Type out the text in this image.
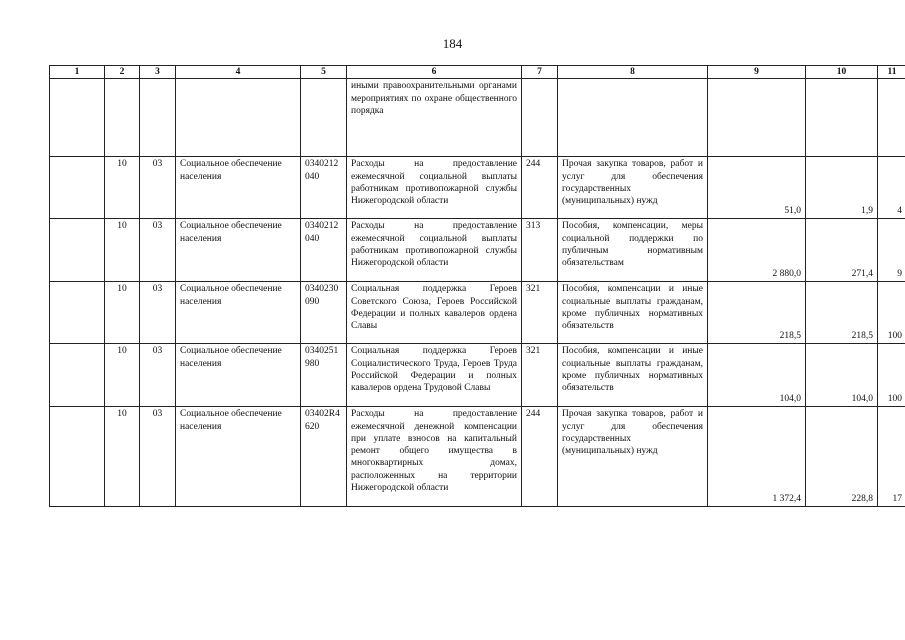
184
1	2	3	4	5	6	7	8	9	10	11
					иными правоохранительными органами мероприятиях по охране общественного порядка					
	10	03	Социальное обеспечение населения	0340212040	Расходы на предоставление ежемесячной социальной выплаты работникам противопожарной службы Нижегородской области	244	Прочая закупка товаров, работ и услуг для обеспечения государственных (муниципальных) нужд	51,0	1,9	4
	10	03	Социальное обеспечение населения	0340212040	Расходы на предоставление ежемесячной социальной выплаты работникам противопожарной службы Нижегородской области	313	Пособия, компенсации, меры социальной поддержки по публичным нормативным обязательствам	2 880,0	271,4	9
	10	03	Социальное обеспечение населения	0340230090	Социальная поддержка Героев Советского Союза, Героев Российской Федерации и полных кавалеров ордена Славы	321	Пособия, компенсации и иные социальные выплаты гражданам, кроме публичных нормативных обязательств	218,5	218,5	100
	10	03	Социальное обеспечение населения	0340251980	Социальная поддержка Героев Социалистического Труда, Героев Труда Российской Федерации и полных кавалеров ордена Трудовой Славы	321	Пособия, компенсации и иные социальные выплаты гражданам, кроме публичных нормативных обязательств	104,0	104,0	100
	10	03	Социальное обеспечение населения	03402R4620	Расходы на предоставление ежемесячной денежной компенсации при уплате взносов на капитальный ремонт общего имущества в многоквартирных домах, расположенных на территории Нижегородской области	244	Прочая закупка товаров, работ и услуг для обеспечения государственных (муниципальных) нужд	1 372,4	228,8	17
